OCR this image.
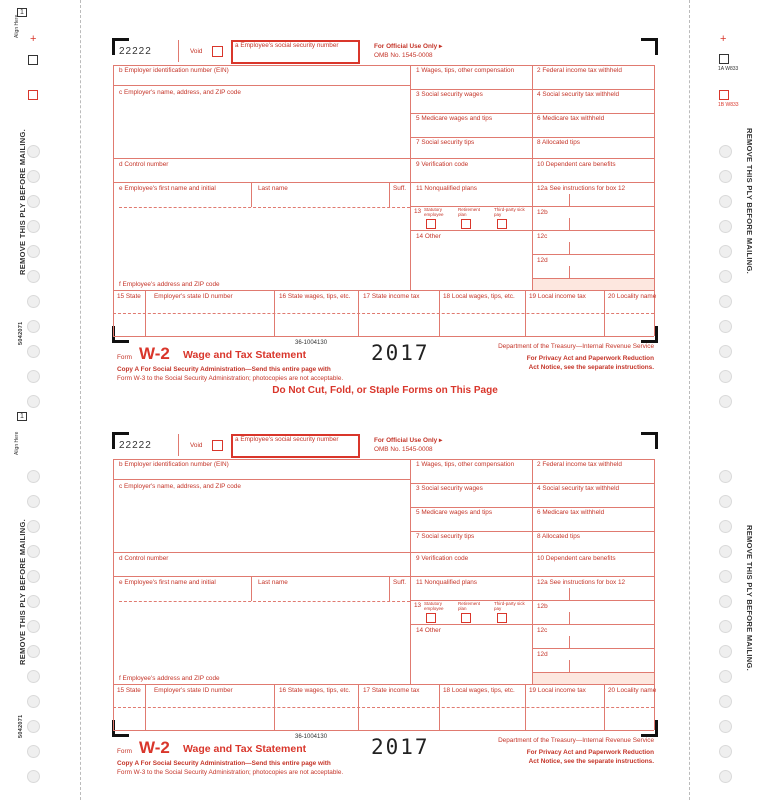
1
Align Here
+
REMOVE THIS PLY BEFORE MAILING.
5042071
1
Align Here
REMOVE THIS PLY BEFORE MAILING.
5042071
+
1A W833
1B W833
REMOVE THIS PLY BEFORE MAILING.
REMOVE THIS PLY BEFORE MAILING.
22222	Void
a Employee's social security number	For Official Use Only ▸
OMB No. 1545-0008
b Employer identification number (EIN)
c Employer's name, address, and ZIP code
d Control number
e Employee's first name and initial	Last name	Suff.
f Employee's address and ZIP code
1 Wages, tips, other compensation	2 Federal income tax withheld
3 Social security wages	4 Social security tax withheld
5 Medicare wages and tips	6 Medicare tax withheld
7 Social security tips	8 Allocated tips
9 Verification code	10 Dependent care benefits
11 Nonqualified plans	12a See instructions for box 12
12b
12c
12d
13 Statutory employee
Retirement plan
Third-party sick pay
14 Other
15 State Employer's state ID number	16 State wages, tips, etc. 17 State income tax	18 Local wages, tips, etc. 19 Local income tax	20 Locality name
36-1004130
Form W-2 Wage and Tax Statement	2017
Copy A For Social Security Administration—Send this entire page with
Form W-3 to the Social Security Administration; photocopies are not acceptable.
Department of the Treasury—Internal Revenue Service
For Privacy Act and Paperwork Reduction
Act Notice, see the separate instructions.
Do Not Cut, Fold, or Staple Forms on This Page
22222	Void
a Employee's social security number	For Official Use Only ▸
OMB No. 1545-0008
b Employer identification number (EIN)
c Employer's name, address, and ZIP code
d Control number
e Employee's first name and initial	Last name	Suff.
f Employee's address and ZIP code
1 Wages, tips, other compensation	2 Federal income tax withheld
3 Social security wages	4 Social security tax withheld
5 Medicare wages and tips	6 Medicare tax withheld
7 Social security tips	8 Allocated tips
9 Verification code	10 Dependent care benefits
11 Nonqualified plans	12a See instructions for box 12
12b
12c
12d
13 Statutory employee
Retirement plan
Third-party sick pay
14 Other
15 State Employer's state ID number	16 State wages, tips, etc. 17 State income tax	18 Local wages, tips, etc. 19 Local income tax	20 Locality name
36-1004130
Form W-2 Wage and Tax Statement	2017
Copy A For Social Security Administration—Send this entire page with
Form W-3 to the Social Security Administration; photocopies are not acceptable.
Department of the Treasury—Internal Revenue Service
For Privacy Act and Paperwork Reduction
Act Notice, see the separate instructions.
